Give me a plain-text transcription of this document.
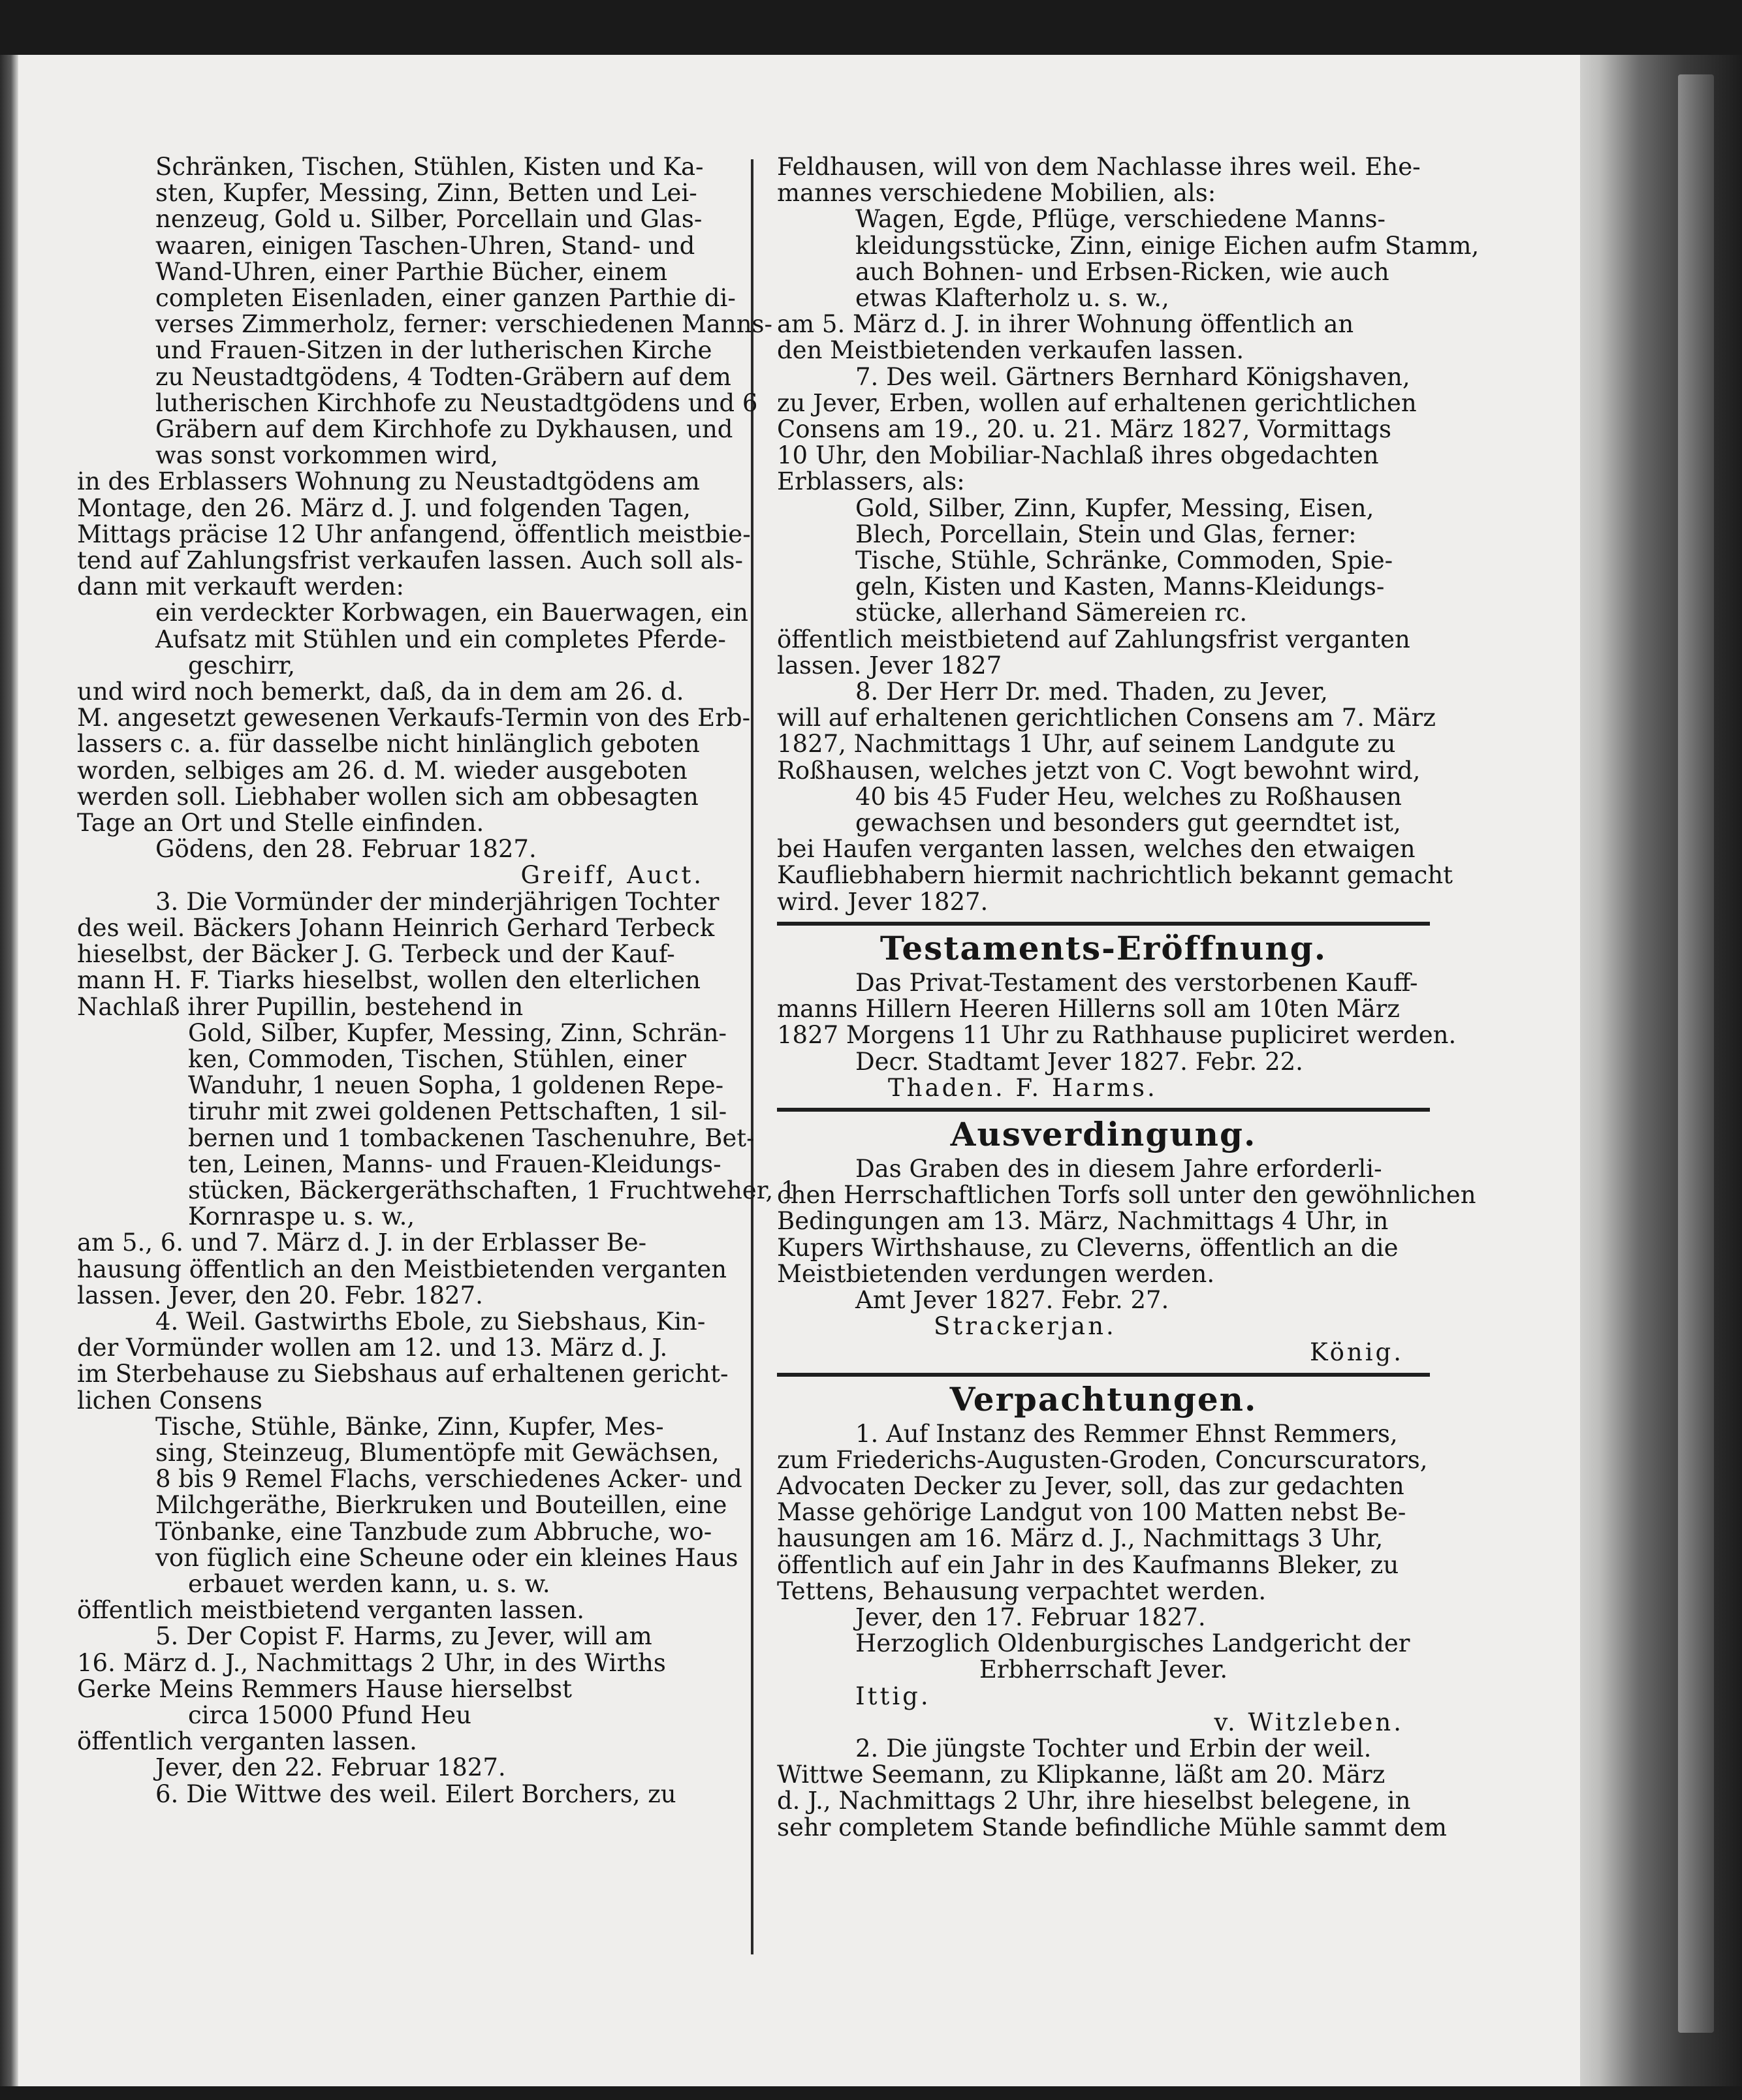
Schränken, Tischen, Stühlen, Kisten und Ka-
sten, Kupfer, Messing, Zinn, Betten und Lei-
nenzeug, Gold u. Silber, Porcellain und Glas-
waaren, einigen Taschen-Uhren, Stand- und
Wand-Uhren, einer Parthie Bücher, einem
completen Eisenladen, einer ganzen Parthie di-
verses Zimmerholz, ferner: verschiedenen Manns-
und Frauen-Sitzen in der lutherischen Kirche
zu Neustadtgödens, 4 Todten-Gräbern auf dem
lutherischen Kirchhofe zu Neustadtgödens und 6
Gräbern auf dem Kirchhofe zu Dykhausen, und
was sonst vorkommen wird,
in des Erblassers Wohnung zu Neustadtgödens am
Montage, den 26. März d. J. und folgenden Tagen,
Mittags präcise 12 Uhr anfangend, öffentlich meistbie-
tend auf Zahlungsfrist verkaufen lassen. Auch soll als-
dann mit verkauft werden:
ein verdeckter Korbwagen, ein Bauerwagen, ein
Aufsatz mit Stühlen und ein completes Pferde-
geschirr,
und wird noch bemerkt, daß, da in dem am 26. d.
M. angesetzt gewesenen Verkaufs-Termin von des Erb-
lassers c. a. für dasselbe nicht hinlänglich geboten
worden, selbiges am 26. d. M. wieder ausgeboten
werden soll. Liebhaber wollen sich am obbesagten
Tage an Ort und Stelle einfinden.
Gödens, den 28. Februar 1827.
Greiff, Auct.
3. Die Vormünder der minderjährigen Tochter
des weil. Bäckers Johann Heinrich Gerhard Terbeck
hieselbst, der Bäcker J. G. Terbeck und der Kauf-
mann H. F. Tiarks hieselbst, wollen den elterlichen
Nachlaß ihrer Pupillin, bestehend in
Gold, Silber, Kupfer, Messing, Zinn, Schrän-
ken, Commoden, Tischen, Stühlen, einer
Wanduhr, 1 neuen Sopha, 1 goldenen Repe-
tiruhr mit zwei goldenen Pettschaften, 1 sil-
bernen und 1 tombackenen Taschenuhre, Bet-
ten, Leinen, Manns- und Frauen-Kleidungs-
stücken, Bäckergeräthschaften, 1 Fruchtweher, 1
Kornraspe u. s. w.,
am 5., 6. und 7. März d. J. in der Erblasser Be-
hausung öffentlich an den Meistbietenden verganten
lassen. Jever, den 20. Febr. 1827.
4. Weil. Gastwirths Ebole, zu Siebshaus, Kin-
der Vormünder wollen am 12. und 13. März d. J.
im Sterbehause zu Siebshaus auf erhaltenen gericht-
lichen Consens
Tische, Stühle, Bänke, Zinn, Kupfer, Mes-
sing, Steinzeug, Blumentöpfe mit Gewächsen,
8 bis 9 Remel Flachs, verschiedenes Acker- und
Milchgeräthe, Bierkruken und Bouteillen, eine
Tönbanke, eine Tanzbude zum Abbruche, wo-
von füglich eine Scheune oder ein kleines Haus
erbauet werden kann, u. s. w.
öffentlich meistbietend verganten lassen.
5. Der Copist F. Harms, zu Jever, will am
16. März d. J., Nachmittags 2 Uhr, in des Wirths
Gerke Meins Remmers Hause hierselbst
circa 15000 Pfund Heu
öffentlich verganten lassen.
Jever, den 22. Februar 1827.
6. Die Wittwe des weil. Eilert Borchers, zu
Feldhausen, will von dem Nachlasse ihres weil. Ehe-
mannes verschiedene Mobilien, als:
Wagen, Egde, Pflüge, verschiedene Manns-
kleidungsstücke, Zinn, einige Eichen aufm Stamm,
auch Bohnen- und Erbsen-Ricken, wie auch
etwas Klafterholz u. s. w.,
am 5. März d. J. in ihrer Wohnung öffentlich an
den Meistbietenden verkaufen lassen.
7. Des weil. Gärtners Bernhard Königshaven,
zu Jever, Erben, wollen auf erhaltenen gerichtlichen
Consens am 19., 20. u. 21. März 1827, Vormittags
10 Uhr, den Mobiliar-Nachlaß ihres obgedachten
Erblassers, als:
Gold, Silber, Zinn, Kupfer, Messing, Eisen,
Blech, Porcellain, Stein und Glas, ferner:
Tische, Stühle, Schränke, Commoden, Spie-
geln, Kisten und Kasten, Manns-Kleidungs-
stücke, allerhand Sämereien rc.
öffentlich meistbietend auf Zahlungsfrist verganten
lassen. Jever 1827
8. Der Herr Dr. med. Thaden, zu Jever,
will auf erhaltenen gerichtlichen Consens am 7. März
1827, Nachmittags 1 Uhr, auf seinem Landgute zu
Roßhausen, welches jetzt von C. Vogt bewohnt wird,
40 bis 45 Fuder Heu, welches zu Roßhausen
gewachsen und besonders gut geerndtet ist,
bei Haufen verganten lassen, welches den etwaigen
Kaufliebhabern hiermit nachrichtlich bekannt gemacht
wird. Jever 1827.
Testaments-Eröffnung.
Das Privat-Testament des verstorbenen Kauff-
manns Hillern Heeren Hillerns soll am 10ten März
1827 Morgens 11 Uhr zu Rathhause pupliciret werden.
Decr. Stadtamt Jever 1827. Febr. 22.
Thaden. F. Harms.
Ausverdingung.
Das Graben des in diesem Jahre erforderli-
chen Herrschaftlichen Torfs soll unter den gewöhnlichen
Bedingungen am 13. März, Nachmittags 4 Uhr, in
Kupers Wirthshause, zu Cleverns, öffentlich an die
Meistbietenden verdungen werden.
Amt Jever 1827. Febr. 27.
Strackerjan.
König.
Verpachtungen.
1. Auf Instanz des Remmer Ehnst Remmers,
zum Friederichs-Augusten-Groden, Concurscurators,
Advocaten Decker zu Jever, soll, das zur gedachten
Masse gehörige Landgut von 100 Matten nebst Be-
hausungen am 16. März d. J., Nachmittags 3 Uhr,
öffentlich auf ein Jahr in des Kaufmanns Bleker, zu
Tettens, Behausung verpachtet werden.
Jever, den 17. Februar 1827.
Herzoglich Oldenburgisches Landgericht der
Erbherrschaft Jever.
Ittig.
v. Witzleben.
2. Die jüngste Tochter und Erbin der weil.
Wittwe Seemann, zu Klipkanne, läßt am 20. März
d. J., Nachmittags 2 Uhr, ihre hieselbst belegene, in
sehr completem Stande befindliche Mühle sammt dem
